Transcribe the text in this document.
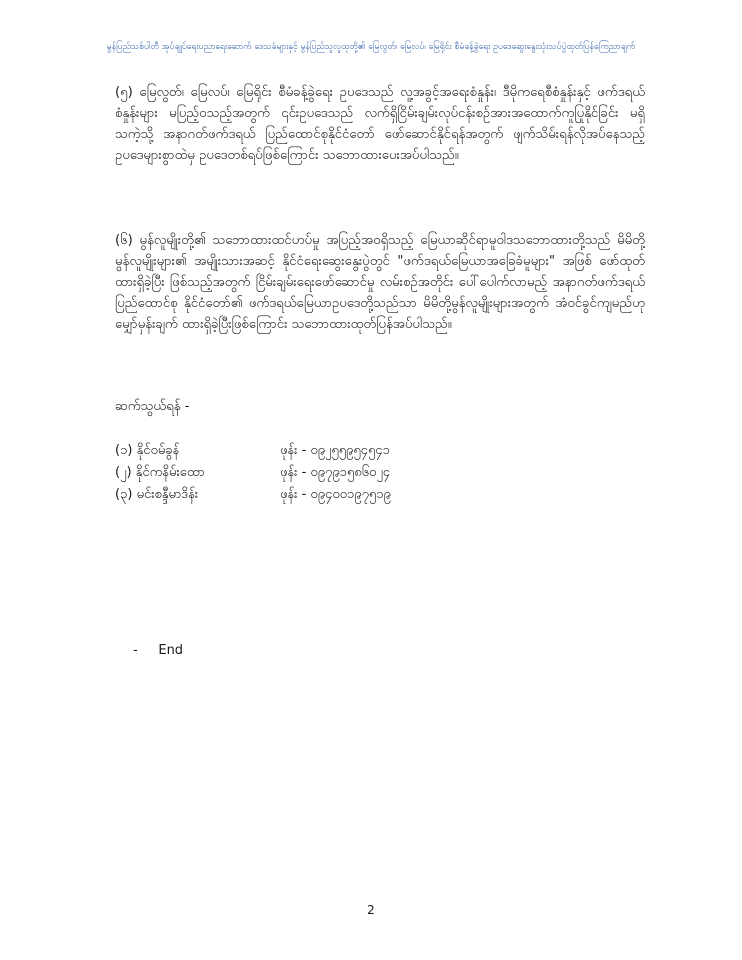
မွန်ပြည်သစ်ပါတီ အုပ်ချုပ်ရေးပညာရေးဆောက် ဒေသခံများနှင့် မွန်ပြည်သူလူထုတို့၏ မြေလွတ်၊ မြေလပ်၊ မြေရိုင်း စီမံခန့်ခွဲရေး ဥပဒေဆွေးနွေးသုံးသပ်ပွဲထုတ်ပြန်ကြေညာချက်

(၅) မြေလွတ်၊ မြေလပ်၊ မြေရိုင်း စီမံခန့်ခွဲရေး ဥပဒေသည် လူ့အခွင့်အရေးစံနှုန်း၊ ဒီမိုကရေစီစံနှုန်းနှင့် ဖက်ဒရယ်စံနှုန်းများ မပြည့်ဝသည့်အတွက် ၎င်းဥပဒေသည် လက်ရှိငြိမ်းချမ်းလုပ်ငန်းစဉ်အားအထောက်ကူပြုနိုင်ခြင်း မရှိသကဲ့သို့ အနာဂတ်ဖက်ဒရယ် ပြည်ထောင်စုနိုင်ငံတော် ဖော်ဆောင်နိုင်ရန်အတွက် ဖျက်သိမ်းရန်လိုအပ်နေသည့် ဥပဒေများစွာထဲမှ ဥပဒေတစ်ရပ်ဖြစ်ကြောင်း သဘောထားပေးအပ်ပါသည်။

(၆) မွန်လူမျိုးတို့၏ သဘောထားထင်ဟပ်မှု အပြည့်အဝရှိသည့် မြေယာဆိုင်ရာမူဝါဒသဘောထားတို့သည် မိမိတို့မွန်လူမျိုးများ၏ အမျိုးသားအဆင့် နိုင်ငံရေးဆွေးနွေးပွဲတွင် "ဖက်ဒရယ်မြေယာအခြေခံမူများ" အဖြစ် ဖော်ထုတ်ထားရှိခဲ့ပြီး ဖြစ်သည့်အတွက် ငြိမ်းချမ်းရေးဖော်ဆောင်မှု လမ်းစဉ်အတိုင်း ပေါ်ပေါက်လာမည့် အနာဂတ်ဖက်ဒရယ်ပြည်ထောင်စု နိုင်ငံတော်၏ ဖက်ဒရယ်မြေယာဥပဒေတို့သည်သာ မိမိတို့မွန်လူမျိုးများအတွက် အံဝင်ခွင်ကျမည်ဟု မျှော်မှန်းချက် ထားရှိခဲ့ပြီးဖြစ်ကြောင်း သဘောထားထုတ်ပြန်အပ်ပါသည်။

ဆက်သွယ်ရန် -

(၁) နိုင်ဝမ်ခွန်	ဖုန်း - ၀၉၂၅၅၉၅၄၅၄၁
(၂) နိုင်ကနိမ်းထော	ဖုန်း - ၀၉၇၉၁၅၈၆၀၂၄
(၃) မင်းစန္ဒီမာဒိန်း	ဖုန်း - ၀၉၄၀၀၁၉၇၅၁၉

-     End

2
